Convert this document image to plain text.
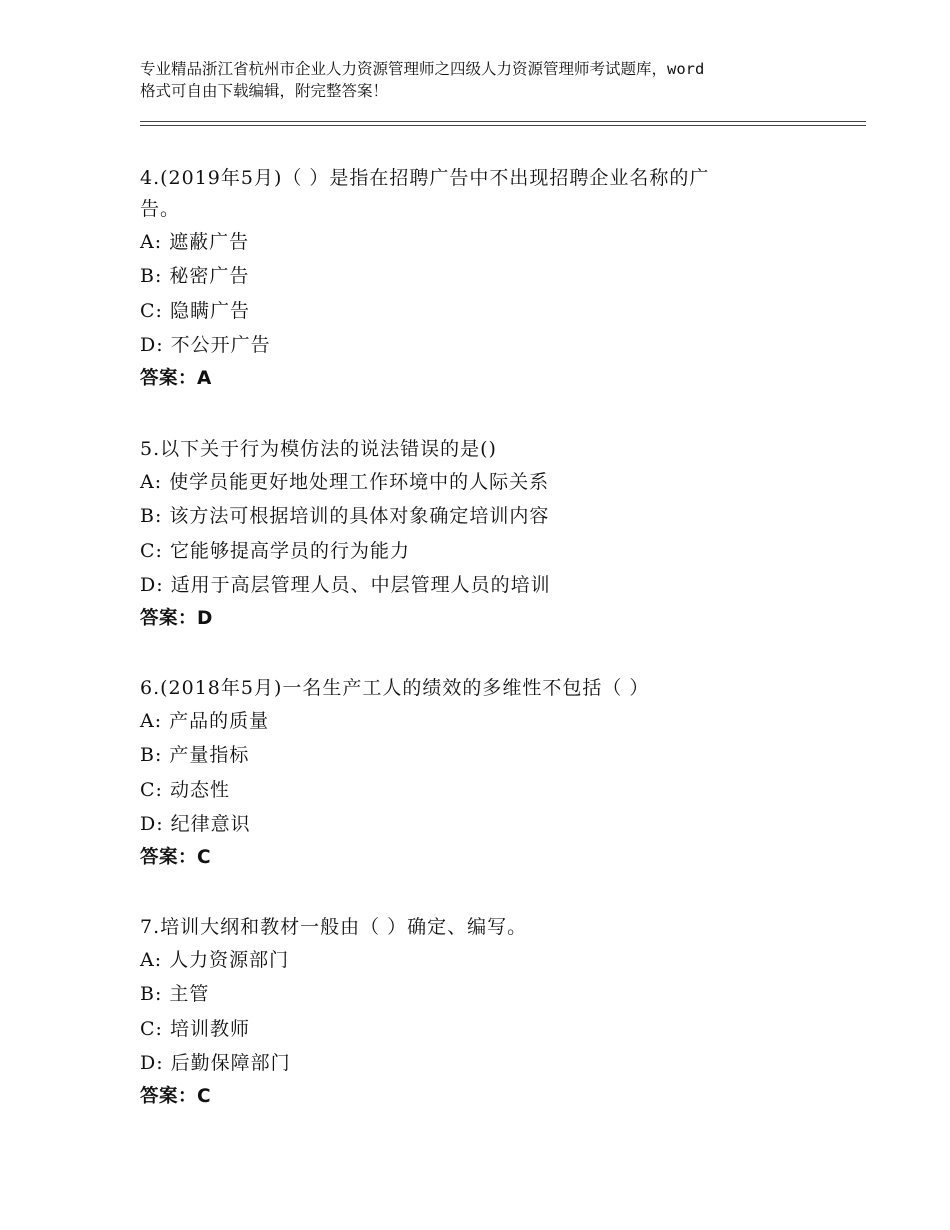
专业精品浙江省杭州市企业人力资源管理师之四级人力资源管理师考试题库，word
格式可自由下载编辑，附完整答案！
4.(2019年5月)（ ）是指在招聘广告中不出现招聘企业名称的广
告。
A: 遮蔽广告
B: 秘密广告
C: 隐瞒广告
D: 不公开广告
答案：A
5.以下关于行为模仿法的说法错误的是()
A: 使学员能更好地处理工作环境中的人际关系
B: 该方法可根据培训的具体对象确定培训内容
C: 它能够提高学员的行为能力
D: 适用于高层管理人员、中层管理人员的培训
答案：D
6.(2018年5月)一名生产工人的绩效的多维性不包括（ ）
A: 产品的质量
B: 产量指标
C: 动态性
D: 纪律意识
答案：C
7.培训大纲和教材一般由（ ）确定、编写。
A: 人力资源部门
B: 主管
C: 培训教师
D: 后勤保障部门
答案：C
